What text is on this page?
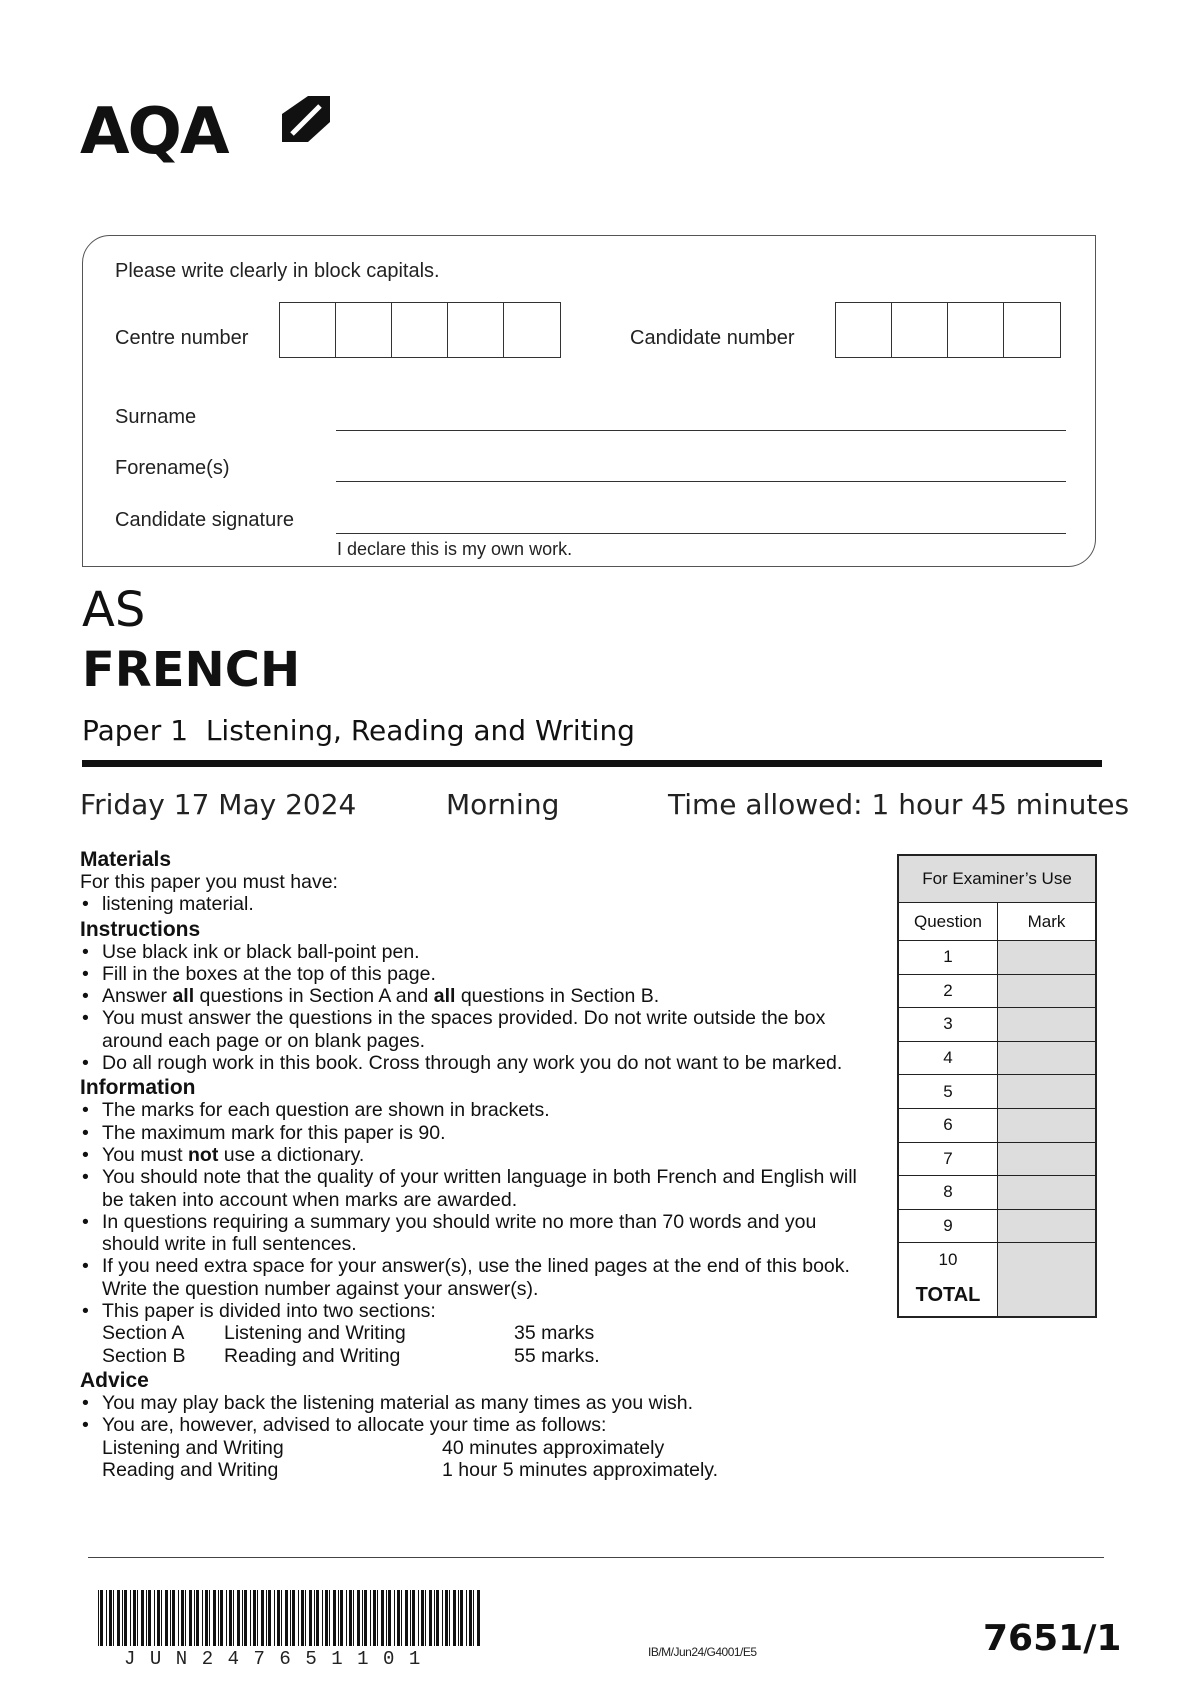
AQA
Please write clearly in block capitals.
Centre number	Candidate number
Surname
Forename(s)
Candidate signature
I declare this is my own work.
AS
FRENCH
Paper 1  Listening, Reading and Writing
Friday 17 May 2024	Morning	Time allowed: 1 hour 45 minutes
Materials

For this paper you must have:

• listening material.
Instructions
• Use black ink or black ball-point pen.
• Fill in the boxes at the top of this page.
• Answer all questions in Section A and all questions in Section B.
• You must answer the questions in the spaces provided. Do not write outside the box around each page or on blank pages.
• Do all rough work in this book. Cross through any work you do not want to be marked.
Information
• The marks for each question are shown in brackets.
• The maximum mark for this paper is 90.
• You must not use a dictionary.
• You should note that the quality of your written language in both French and English will be taken into account when marks are awarded.
• In questions requiring a summary you should write no more than 70 words and you should write in full sentences.
• If you need extra space for your answer(s), use the lined pages at the end of this book. Write the question number against your answer(s).
• This paper is divided into two sections:
Section A	Listening and Writing	35 marks
Section B	Reading and Writing	55 marks.
Advice
• You may play back the listening material as many times as you wish.
• You are, however, advised to allocate your time as follows:
Listening and Writing	40 minutes approximately
Reading and Writing	1 hour 5 minutes approximately.
For Examiner’s Use
Question	Mark
1
2
3
4
5
6
7
8
9
10
TOTAL
JUN247651101	IB/M/Jun24/G4001/E5	7651/1
